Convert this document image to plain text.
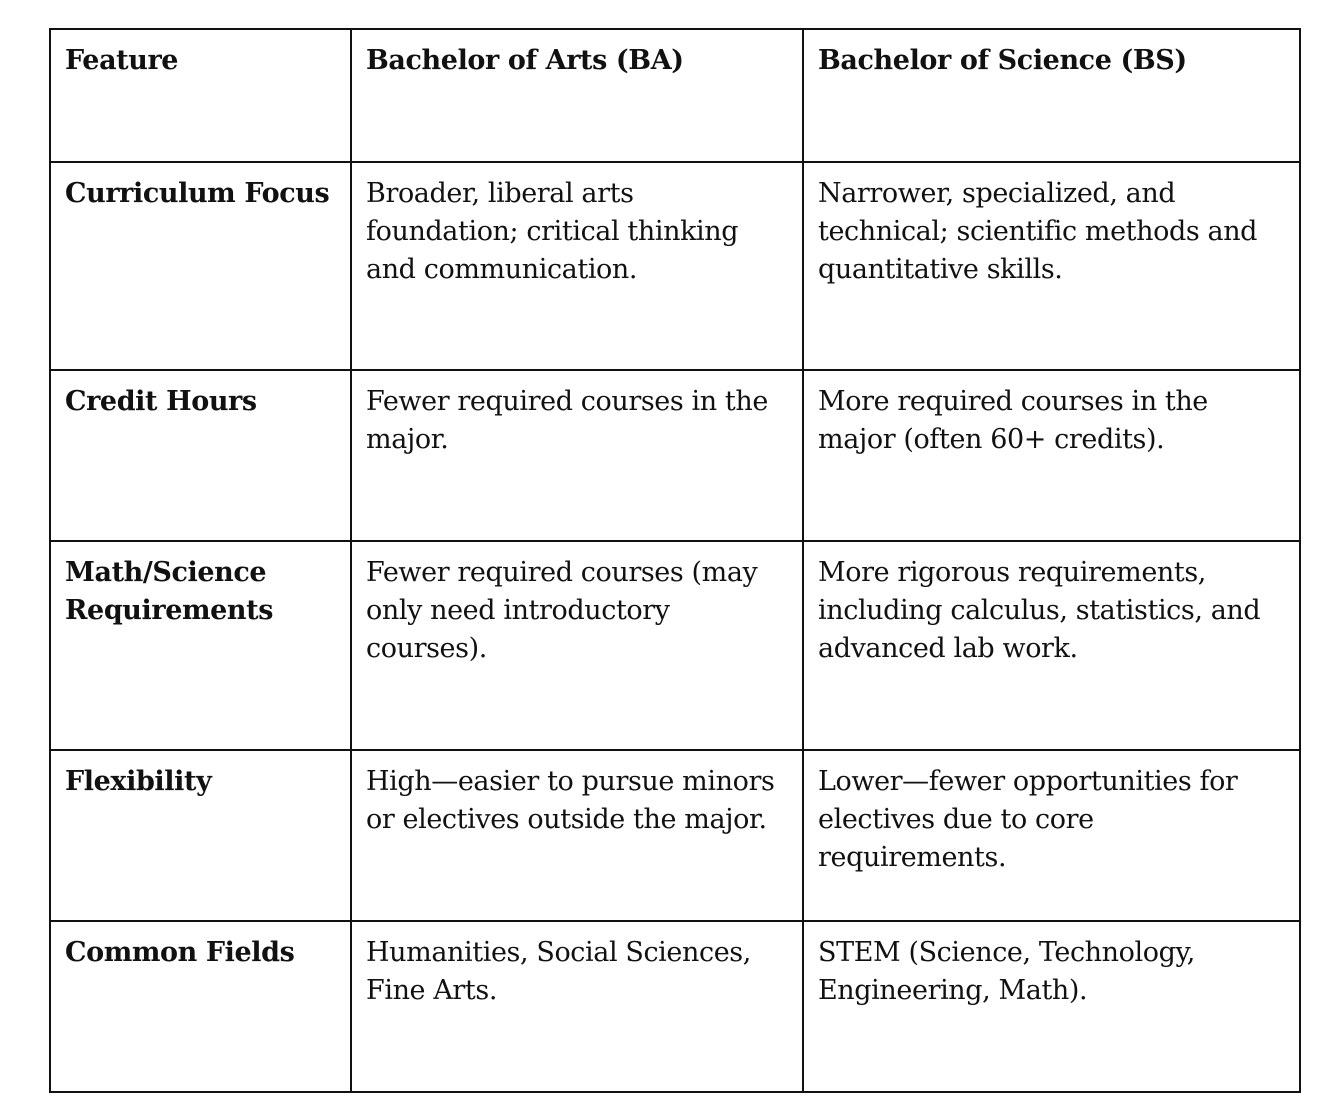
Feature	Bachelor of Arts (BA)	Bachelor of Science (BS)
Curriculum Focus	Broader, liberal arts foundation; critical thinking and communication.	Narrower, specialized, and technical; scientific methods and quantitative skills.
Credit Hours	Fewer required courses in the major.	More required courses in the major (often 60+ credits).
Math/Science Requirements	Fewer required courses (may only need introductory courses).	More rigorous requirements, including calculus, statistics, and advanced lab work.
Flexibility	High—easier to pursue minors or electives outside the major.	Lower—fewer opportunities for electives due to core requirements.
Common Fields	Humanities, Social Sciences, Fine Arts.	STEM (Science, Technology, Engineering, Math).
